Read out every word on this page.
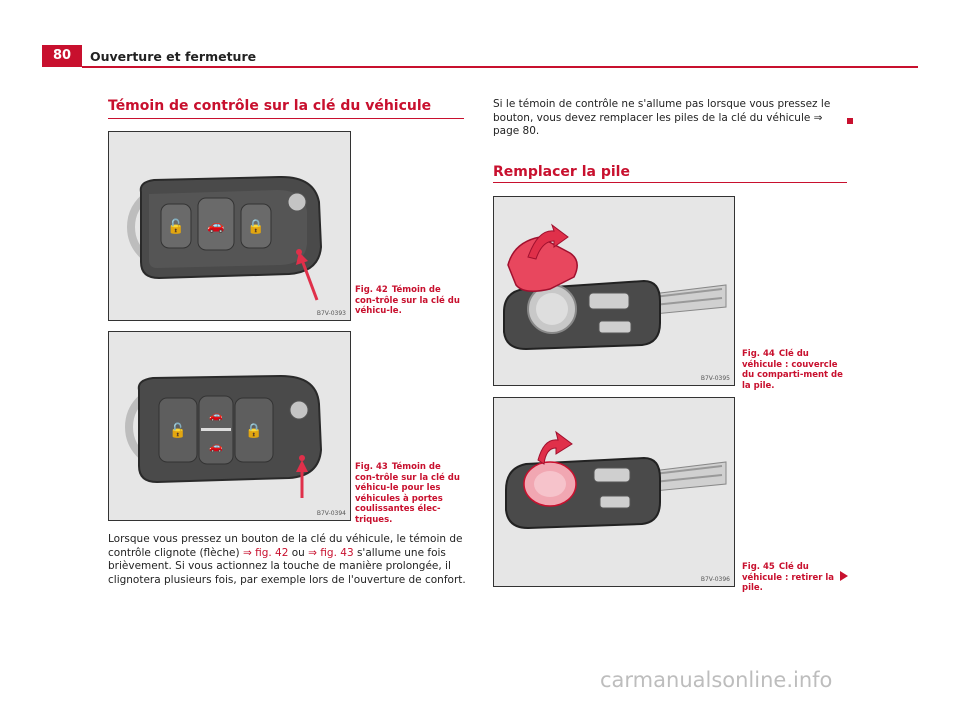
80	Ouverture et fermeture
Témoin de contrôle sur la clé du véhicule
🔓 🚗 🔒
B7V-0393
Fig. 42 Témoin de con-trôle sur la clé du véhicu-le.
🔓
🚗
🚗
🔒
B7V-0394
Fig. 43 Témoin de con-trôle sur la clé du véhicu-le pour les véhicules à portes coulissantes élec-triques.
Lorsque vous pressez un bouton de la clé du véhicule, le témoin de contrôle clignote (flèche) ⇒ fig. 42 ou ⇒ fig. 43 s'allume une fois brièvement. Si vous actionnez la touche de manière prolongée, il clignotera plusieurs fois, par exemple lors de l'ouverture de confort.
Si le témoin de contrôle ne s'allume pas lorsque vous pressez le bouton, vous devez remplacer les piles de la clé du véhicule ⇒ page 80.
Remplacer la pile
B7V-0395
Fig. 44 Clé du véhicule : couvercle du comparti-ment de la pile.
B7V-0396
Fig. 45 Clé du véhicule : retirer la pile.
carmanualsonline.info
